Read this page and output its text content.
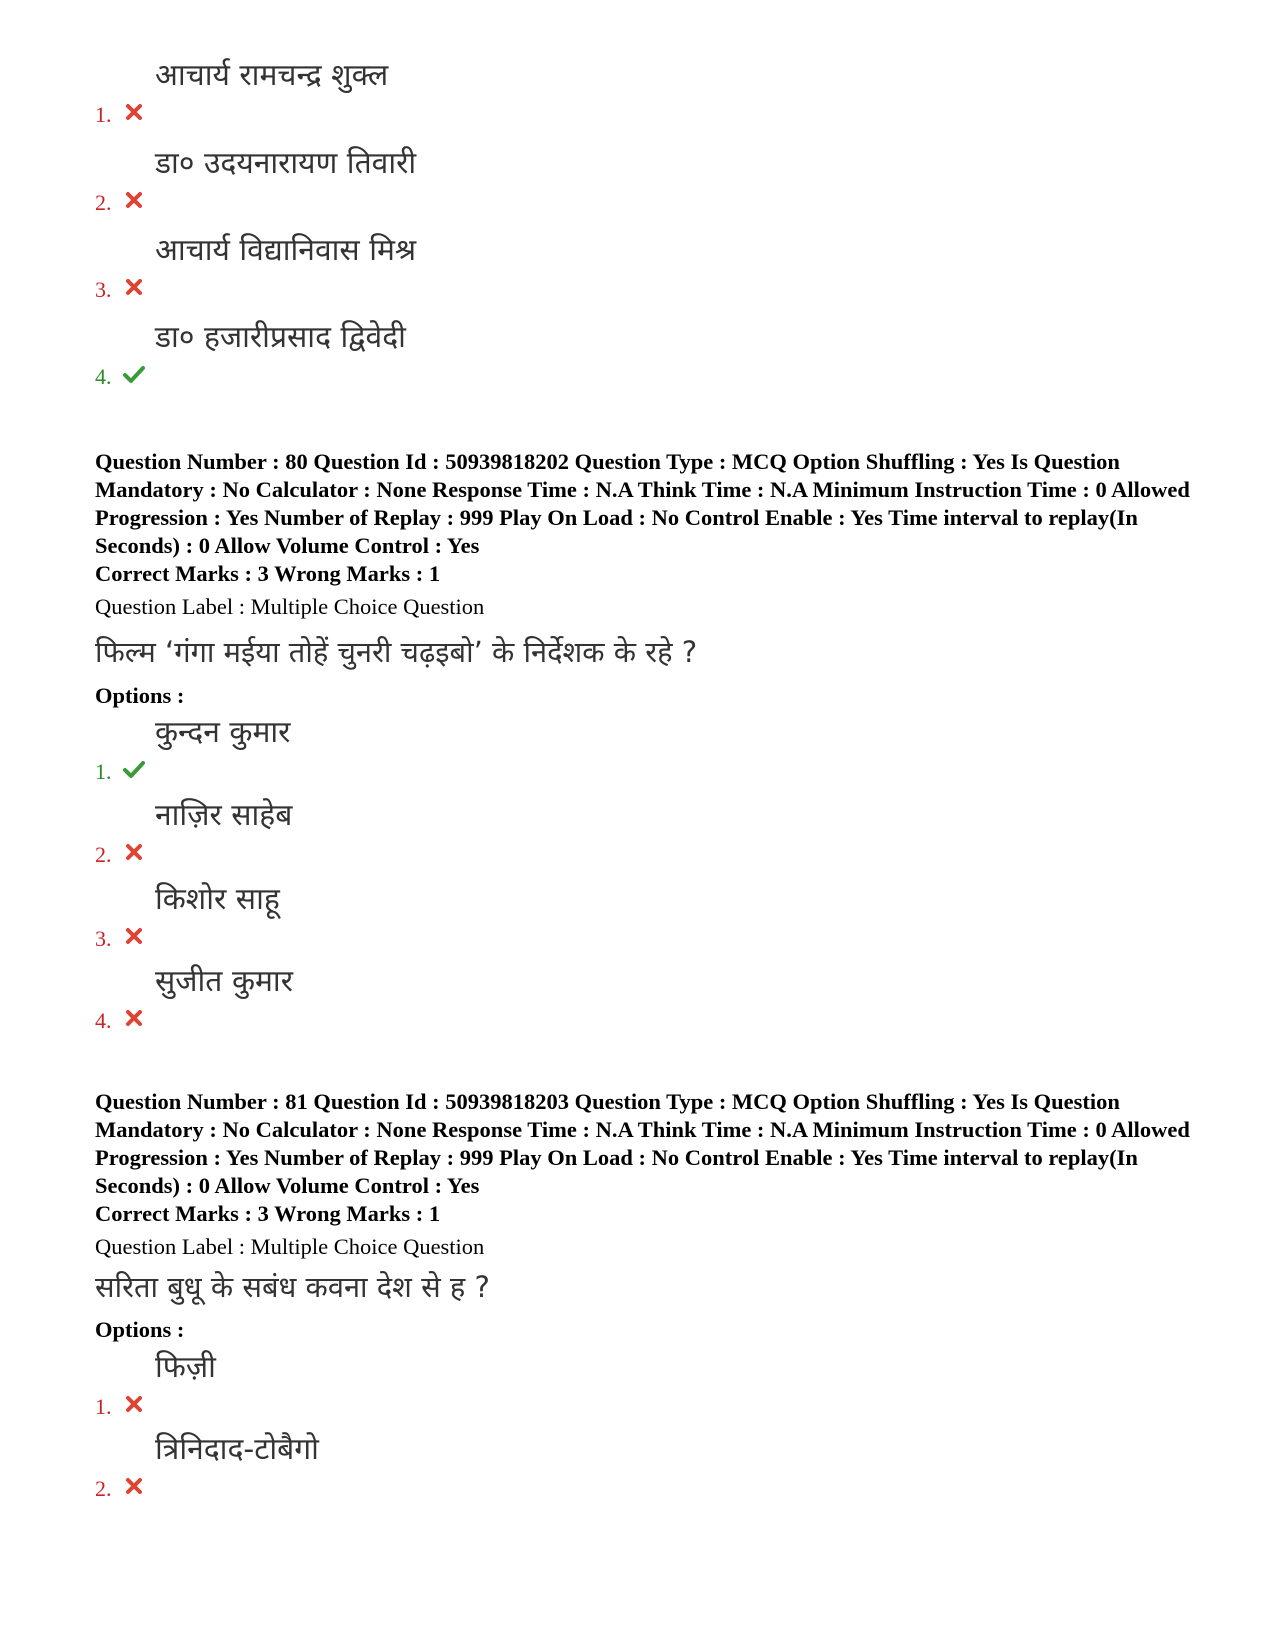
1.
आचार्य रामचन्द्र शुक्ल
2.
डा० उदयनारायण तिवारी
3.
आचार्य विद्यानिवास मिश्र
4.
डा० हजारीप्रसाद द्विवेदी
Question Number : 80 Question Id : 50939818202 Question Type : MCQ Option Shuffling : Yes Is Question Mandatory : No Calculator : None Response Time : N.A Think Time : N.A Minimum Instruction Time : 0 Allowed Progression : Yes Number of Replay : 999 Play On Load : No Control Enable : Yes Time interval to replay(In Seconds) : 0 Allow Volume Control : Yes
Correct Marks : 3 Wrong Marks : 1
Question Label : Multiple Choice Question
फिल्म ‘गंगा मईया तोहें चुनरी चढ़इबो’ के निर्देशक के रहे ?
Options :
1.
कुन्दन कुमार
2.
नाज़िर साहेब
3.
किशोर साहू
4.
सुजीत कुमार
Question Number : 81 Question Id : 50939818203 Question Type : MCQ Option Shuffling : Yes Is Question Mandatory : No Calculator : None Response Time : N.A Think Time : N.A Minimum Instruction Time : 0 Allowed Progression : Yes Number of Replay : 999 Play On Load : No Control Enable : Yes Time interval to replay(In Seconds) : 0 Allow Volume Control : Yes
Correct Marks : 3 Wrong Marks : 1
Question Label : Multiple Choice Question
सरिता बुधू के सबंध कवना देश से ह ?
Options :
1.
फिज़ी
2.
त्रिनिदाद-टोबैगो
